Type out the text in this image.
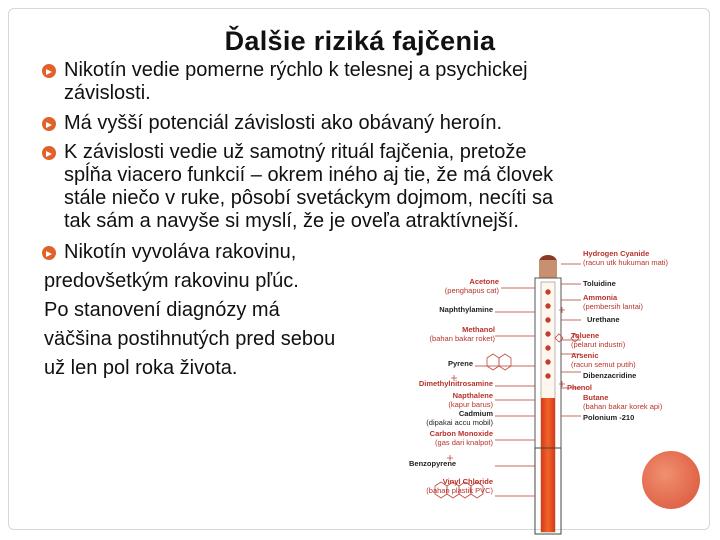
Ďalšie riziká fajčenia
Nikotín vedie pomerne rýchlo k telesnej a psychickej
závislosti.
Má vyšší potenciál závislosti ako obávaný heroín.
K závislosti vedie už samotný rituál fajčenia, pretože
spĺňa viacero funkcií – okrem iného aj tie, že má človek
stále niečo v ruke, pôsobí svetáckym dojmom, necíti sa
tak sám a navyše si myslí, že je oveľa atraktívnejší.
Nikotín vyvoláva rakovinu,
predovšetkým rakovinu pľúc.
Po stanovení diagnózy má
väčšina postihnutých pred sebou
už len pol roka života.
Hydrogen Cyanide
(racun utk hukuman mati)
Toluidine
Ammonia
(pembersih lantai)
Urethane
Toluene
(pelarut industri)
Arsenic
(racun semut putih)
Dibenzacridine
Phenol
Butane
(bahan bakar korek api)
Polonium -210
Acetone
(penghapus cat)
Naphthylamine
Methanol
(bahan bakar roket)
Pyrene
Dimethylnitrosamine
Napthalene
(kapur barus)
Cadmium
(dipakai accu mobil)
Carbon Monoxide
(gas dari knalpot)
Benzopyrene
Vinyl Chloride
(bahan plastik PVC)
